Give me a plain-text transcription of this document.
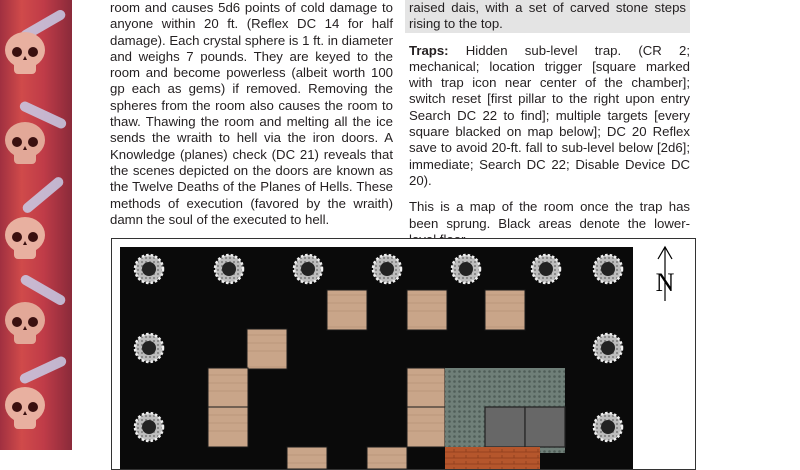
room and causes 5d6 points of cold damage to anyone within 20 ft. (Reflex DC 14 for half damage). Each crystal sphere is 1 ft. in diameter and weighs 7 pounds. They are keyed to the room and become powerless (albeit worth 100 gp each as gems) if removed. Removing the spheres from the room also causes the room to thaw. Thawing the room and melting all the ice sends the wraith to hell via the iron doors. A Knowledge (planes) check (DC 21) reveals that the scenes depicted on the doors are known as the Twelve Deaths of the Planes of Hells. These methods of execution (favored by the wraith) damn the soul of the executed to hell.

raised dais, with a set of carved stone steps rising to the top.

Traps: Hidden sub-level trap. (CR 2; mechanical; location trigger [square marked with trap icon near center of the chamber]; switch reset [first pillar to the right upon entry Search DC 22 to find]; multiple targets [every square blacked on map below]; DC 20 Reflex save to avoid 20-ft. fall to sub-level below [2d6]; immediate; Search DC 22; Disable Device DC 20).

This is a map of the room once the trap has been sprung. Black areas denote the lower-

N
